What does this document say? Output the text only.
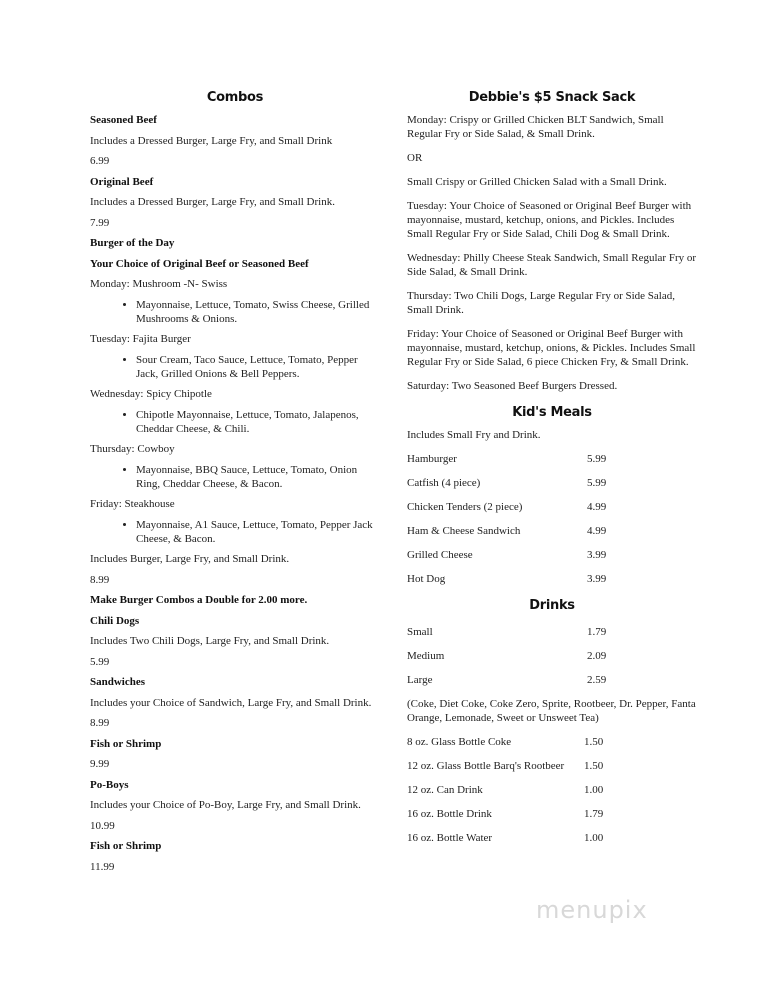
Combos

Seasoned Beef

Includes a Dressed Burger, Large Fry, and Small Drink

6.99

Original Beef

Includes a Dressed Burger, Large Fry, and Small Drink.

7.99

Burger of the Day

Your Choice of Original Beef or Seasoned Beef

Monday: Mushroom -N- Swiss

• Mayonnaise, Lettuce, Tomato, Swiss Cheese, Grilled Mushrooms & Onions.

Tuesday: Fajita Burger

• Sour Cream, Taco Sauce, Lettuce, Tomato, Pepper Jack, Grilled Onions & Bell Peppers.

Wednesday: Spicy Chipotle

• Chipotle Mayonnaise, Lettuce, Tomato, Jalapenos, Cheddar Cheese, & Chili.

Thursday: Cowboy

• Mayonnaise, BBQ Sauce, Lettuce, Tomato, Onion Ring, Cheddar Cheese, & Bacon.

Friday: Steakhouse

• Mayonnaise, A1 Sauce, Lettuce, Tomato, Pepper Jack Cheese, & Bacon.

Includes Burger, Large Fry, and Small Drink.

8.99

Make Burger Combos a Double for 2.00 more.

Chili Dogs

Includes Two Chili Dogs, Large Fry, and Small Drink.

5.99

Sandwiches

Includes your Choice of Sandwich, Large Fry, and Small Drink.

8.99

Fish or Shrimp

9.99

Po-Boys

Includes your Choice of Po-Boy, Large Fry, and Small Drink.

10.99

Fish or Shrimp

11.99

Debbie's $5 Snack Sack

Monday: Crispy or Grilled Chicken BLT Sandwich, Small Regular Fry or Side Salad, & Small Drink.

OR

Small Crispy or Grilled Chicken Salad with a Small Drink.

Tuesday: Your Choice of Seasoned or Original Beef Burger with mayonnaise, mustard, ketchup, onions, and Pickles. Includes Small Regular Fry or Side Salad, Chili Dog & Small Drink.

Wednesday: Philly Cheese Steak Sandwich, Small Regular Fry or Side Salad, & Small Drink.

Thursday: Two Chili Dogs, Large Regular Fry or Side Salad, Small Drink.

Friday: Your Choice of Seasoned or Original Beef Burger with mayonnaise, mustard, ketchup, onions, & Pickles. Includes Small Regular Fry or Side Salad, 6 piece Chicken Fry, & Small Drink.

Saturday: Two Seasoned Beef Burgers Dressed.

Kid's Meals

Includes Small Fry and Drink.

Hamburger	5.99
Catfish (4 piece)	5.99
Chicken Tenders (2 piece)	4.99
Ham & Cheese Sandwich	4.99
Grilled Cheese	3.99
Hot Dog	3.99
Drinks
Small	1.79
Medium	2.09
Large	2.59

(Coke, Diet Coke, Coke Zero, Sprite, Rootbeer, Dr. Pepper, Fanta Orange, Lemonade, Sweet or Unsweet Tea)

8 oz. Glass Bottle Coke	1.50
12 oz. Glass Bottle Barq's Rootbeer	1.50
12 oz. Can Drink	1.00
16 oz. Bottle Drink	1.79
16 oz. Bottle Water	1.00
menupix
